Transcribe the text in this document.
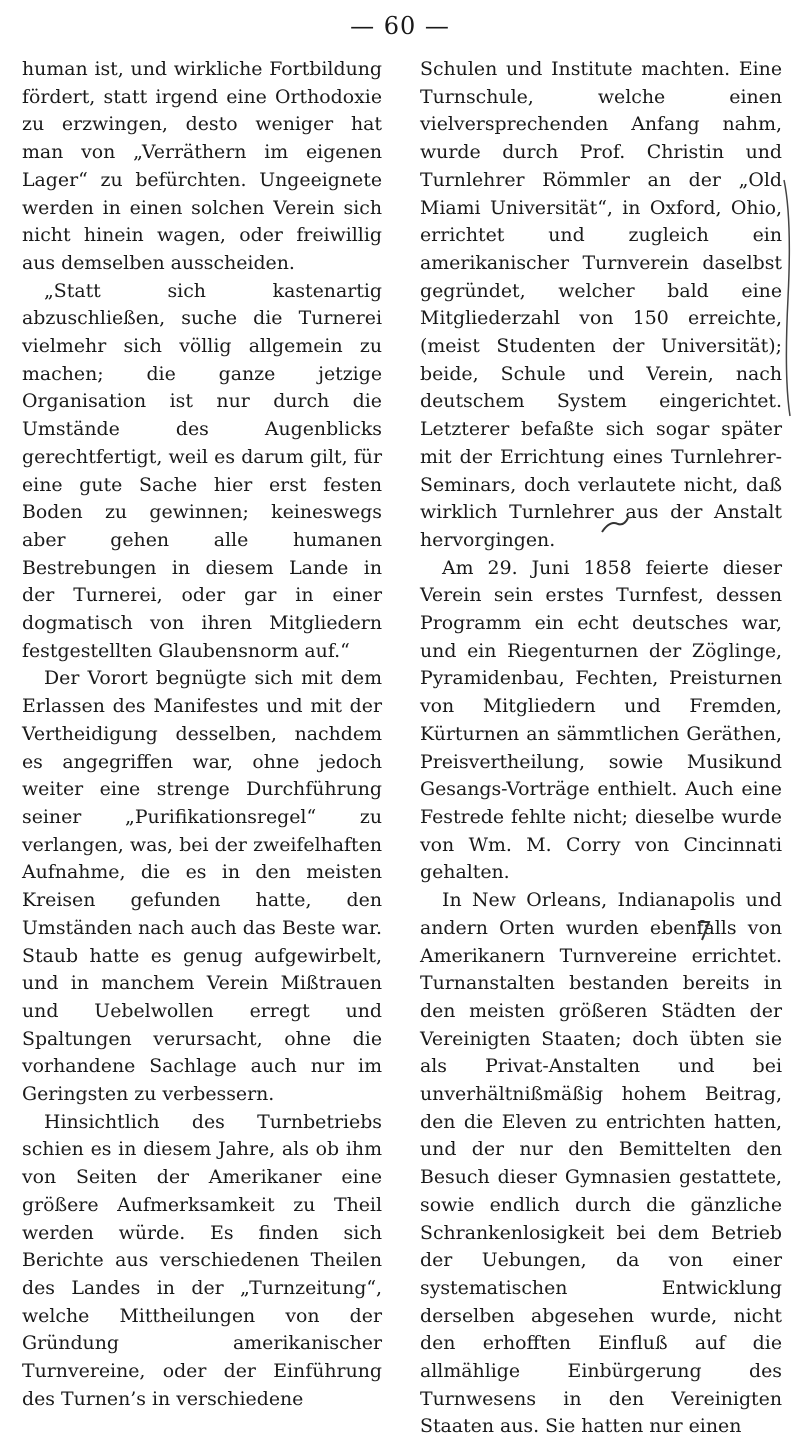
— 60 —

human ist, und wirkliche Fortbildung fördert, statt irgend eine Orthodoxie zu erzwingen, desto weniger hat man von „Verräthern im eigenen Lager“ zu befürchten. Ungeeignete werden in einen solchen Verein sich nicht hinein wagen, oder freiwillig aus demselben ausscheiden.

„Statt sich kastenartig abzuschließen, suche die Turnerei vielmehr sich völlig allgemein zu machen; die ganze jetzige Organisation ist nur durch die Umstände des Augenblicks gerechtfertigt, weil es darum gilt, für eine gute Sache hier erst festen Boden zu gewinnen; keineswegs aber gehen alle humanen Bestrebungen in diesem Lande in der Turnerei, oder gar in einer dogmatisch von ihren Mitgliedern festgestellten Glaubensnorm auf.“

Der Vorort begnügte sich mit dem Erlassen des Manifestes und mit der Vertheidigung desselben, nachdem es angegriffen war, ohne jedoch weiter eine strenge Durchführung seiner „Purifikationsregel“ zu verlangen, was, bei der zweifelhaften Aufnahme, die es in den meisten Kreisen gefunden hatte, den Umständen nach auch das Beste war. Staub hatte es genug aufgewirbelt, und in manchem Verein Mißtrauen und Uebelwollen erregt und Spaltungen verursacht, ohne die vorhandene Sachlage auch nur im Geringsten zu verbessern.

Hinsichtlich des Turnbetriebs schien es in diesem Jahre, als ob ihm von Seiten der Amerikaner eine größere Aufmerksamkeit zu Theil werden würde. Es finden sich Berichte aus verschiedenen Theilen des Landes in der „Turnzeitung“, welche Mittheilungen von der Gründung amerikanischer Turnvereine, oder der Einführung des Turnen’s in verschiedene

Schulen und Institute machten. Eine Turnschule, welche einen vielversprechenden Anfang nahm, wurde durch Prof. Christin und Turnlehrer Römmler an der „Old Miami Universität“, in Oxford, Ohio, errichtet und zugleich ein amerikanischer Turnverein daselbst gegründet, welcher bald eine Mitgliederzahl von 150 erreichte, (meist Studenten der Universität); beide, Schule und Verein, nach deutschem System eingerichtet. Letzterer befaßte sich sogar später mit der Errichtung eines Turnlehrer-Seminars, doch verlautete nicht, daß wirklich Turnlehrer aus der Anstalt hervorgingen.

Am 29. Juni 1858 feierte dieser Verein sein erstes Turnfest, dessen Programm ein echt deutsches war, und ein Riegenturnen der Zöglinge, Pyramidenbau, Fechten, Preisturnen von Mitgliedern und Fremden, Kürturnen an sämmtlichen Geräthen, Preisvertheilung, sowie Musikund Gesangs-Vorträge enthielt. Auch eine Festrede fehlte nicht; dieselbe wurde von Wm. M. Corry von Cincinnati gehalten.

In New Orleans, Indianapolis und andern Orten wurden ebenfalls von Amerikanern Turnvereine errichtet. Turnanstalten bestanden bereits in den meisten größeren Städten der Vereinigten Staaten; doch übten sie als Privat-Anstalten und bei unverhältnißmäßig hohem Beitrag, den die Eleven zu entrichten hatten, und der nur den Bemittelten den Besuch dieser Gymnasien gestattete, sowie endlich durch die gänzliche Schrankenlosigkeit bei dem Betrieb der Uebungen, da von einer systematischen Entwicklung derselben abgesehen wurde, nicht den erhofften Einfluß auf die allmählige Einbürgerung des Turnwesens in den Vereinigten Staaten aus. Sie hatten nur einen
